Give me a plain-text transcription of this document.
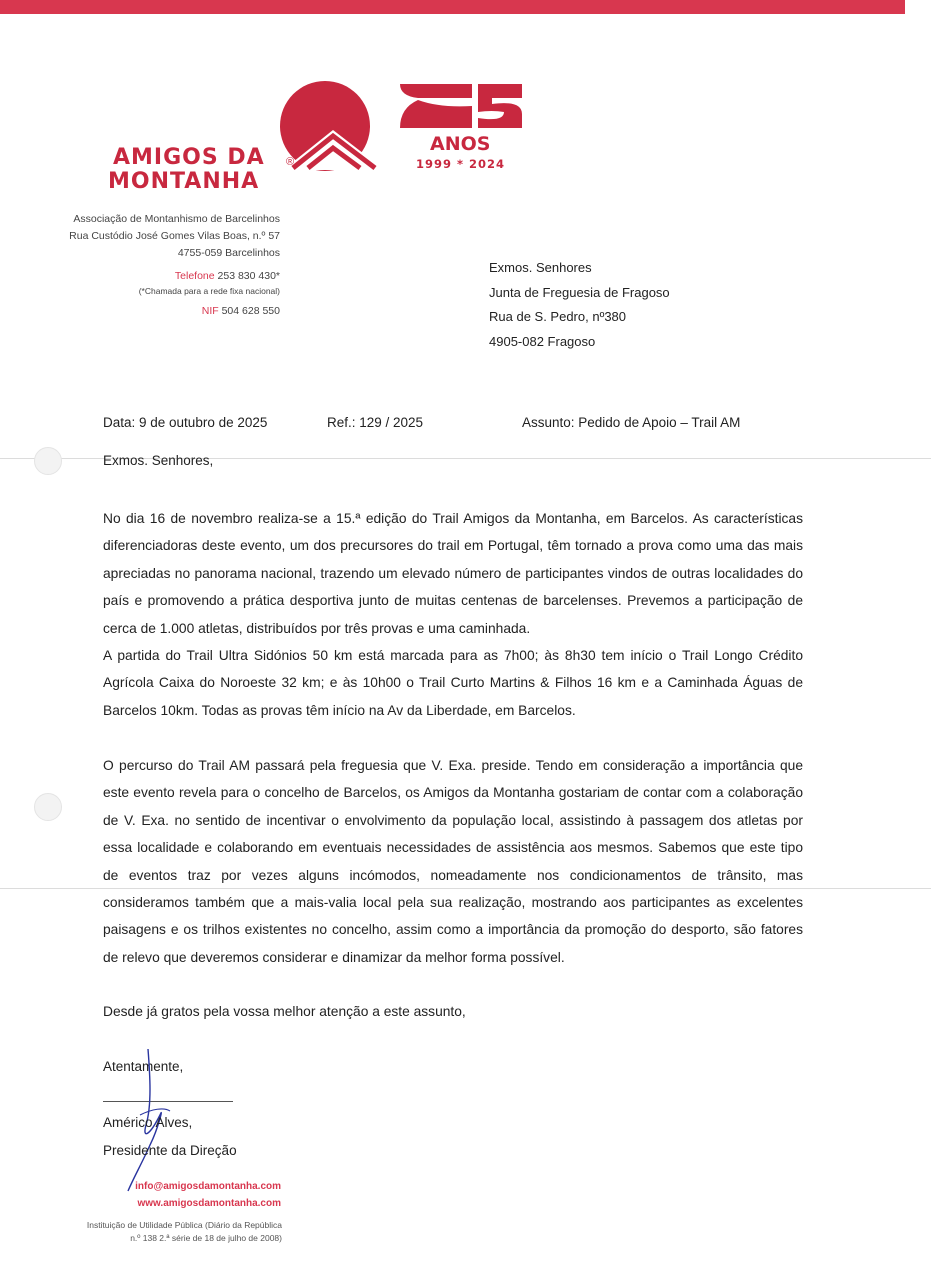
AMIGOS DA
MONTANHA
®
ANOS
1999 * 2024
Associação de Montanhismo de Barcelinhos
Rua Custódio José Gomes Vilas Boas, n.º 57
4755-059 Barcelinhos
Telefone 253 830 430*
(*Chamada para a rede fixa nacional)
NIF 504 628 550
Exmos. Senhores
Junta de Freguesia de Fragoso
Rua de S. Pedro, nº380
4905-082 Fragoso
Data: 9 de outubro de 2025	Ref.: 129 / 2025	Assunto: Pedido de Apoio – Trail AM
Exmos. Senhores,
No dia 16 de novembro realiza-se a 15.ª edição do Trail Amigos da Montanha, em Barcelos. As características diferenciadoras deste evento, um dos precursores do trail em Portugal, têm tornado a prova como uma das mais apreciadas no panorama nacional, trazendo um elevado número de participantes vindos de outras localidades do país e promovendo a prática desportiva junto de muitas centenas de barcelenses. Prevemos a participação de cerca de 1.000 atletas, distribuídos por três provas e uma caminhada.
A partida do Trail Ultra Sidónios 50 km está marcada para as 7h00; às 8h30 tem início o Trail Longo Crédito Agrícola Caixa do Noroeste 32 km; e às 10h00 o Trail Curto Martins & Filhos 16 km e a Caminhada Águas de Barcelos 10km. Todas as provas têm início na Av da Liberdade, em Barcelos.
O percurso do Trail AM passará pela freguesia que V. Exa. preside. Tendo em consideração a importância que este evento revela para o concelho de Barcelos, os Amigos da Montanha gostariam de contar com a colaboração de V. Exa. no sentido de incentivar o envolvimento da população local, assistindo à passagem dos atletas por essa localidade e colaborando em eventuais necessidades de assistência aos mesmos. Sabemos que este tipo de eventos traz por vezes alguns incómodos, nomeadamente nos condicionamentos de trânsito, mas consideramos também que a mais-valia local pela sua realização, mostrando aos participantes as excelentes paisagens e os trilhos existentes no concelho, assim como a importância da promoção do desporto, são fatores de relevo que deveremos considerar e dinamizar da melhor forma possível.
Desde já gratos pela vossa melhor atenção a este assunto,
Atentamente,
Américo Alves,
Presidente da Direção
info@amigosdamontanha.com
www.amigosdamontanha.com
Instituição de Utilidade Pública (Diário da República
n.º 138 2.ª série de 18 de julho de 2008)
